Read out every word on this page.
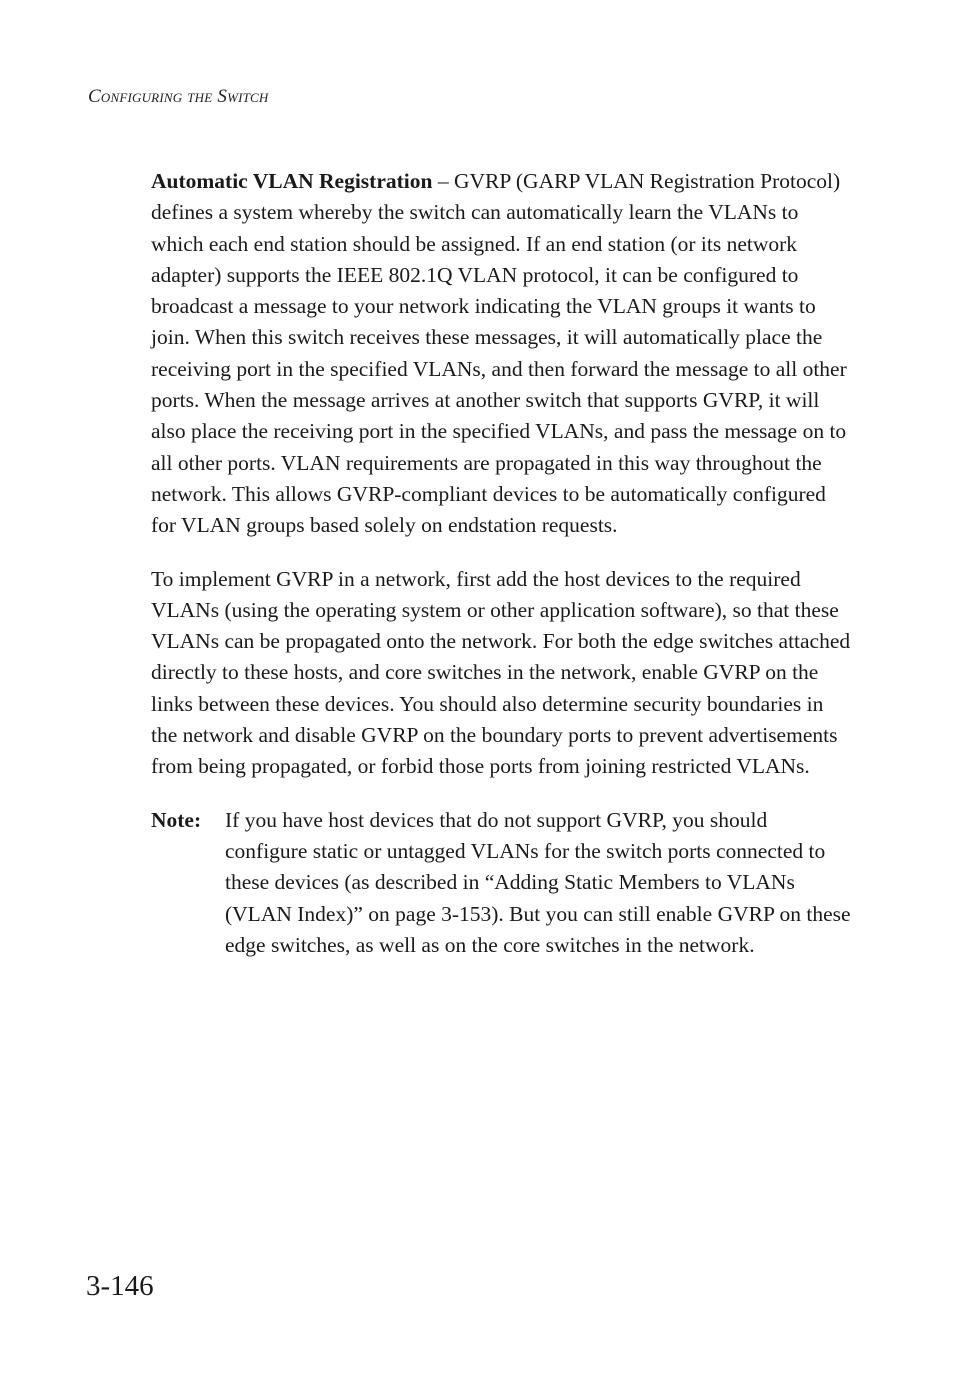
Configuring the Switch

Automatic VLAN Registration – GVRP (GARP VLAN Registration Protocol) defines a system whereby the switch can automatically learn the VLANs to which each end station should be assigned. If an end station (or its network adapter) supports the IEEE 802.1Q VLAN protocol, it can be configured to broadcast a message to your network indicating the VLAN groups it wants to join. When this switch receives these messages, it will automatically place the receiving port in the specified VLANs, and then forward the message to all other ports. When the message arrives at another switch that supports GVRP, it will also place the receiving port in the specified VLANs, and pass the message on to all other ports. VLAN requirements are propagated in this way throughout the network. This allows GVRP-compliant devices to be automatically configured for VLAN groups based solely on endstation requests.

To implement GVRP in a network, first add the host devices to the required VLANs (using the operating system or other application software), so that these VLANs can be propagated onto the network. For both the edge switches attached directly to these hosts, and core switches in the network, enable GVRP on the links between these devices. You should also determine security boundaries in the network and disable GVRP on the boundary ports to prevent advertisements from being propagated, or forbid those ports from joining restricted VLANs.

Note:	If you have host devices that do not support GVRP, you should configure static or untagged VLANs for the switch ports connected to these devices (as described in “Adding Static Members to VLANs (VLAN Index)” on page 3-153). But you can still enable GVRP on these edge switches, as well as on the core switches in the network.
3-146
